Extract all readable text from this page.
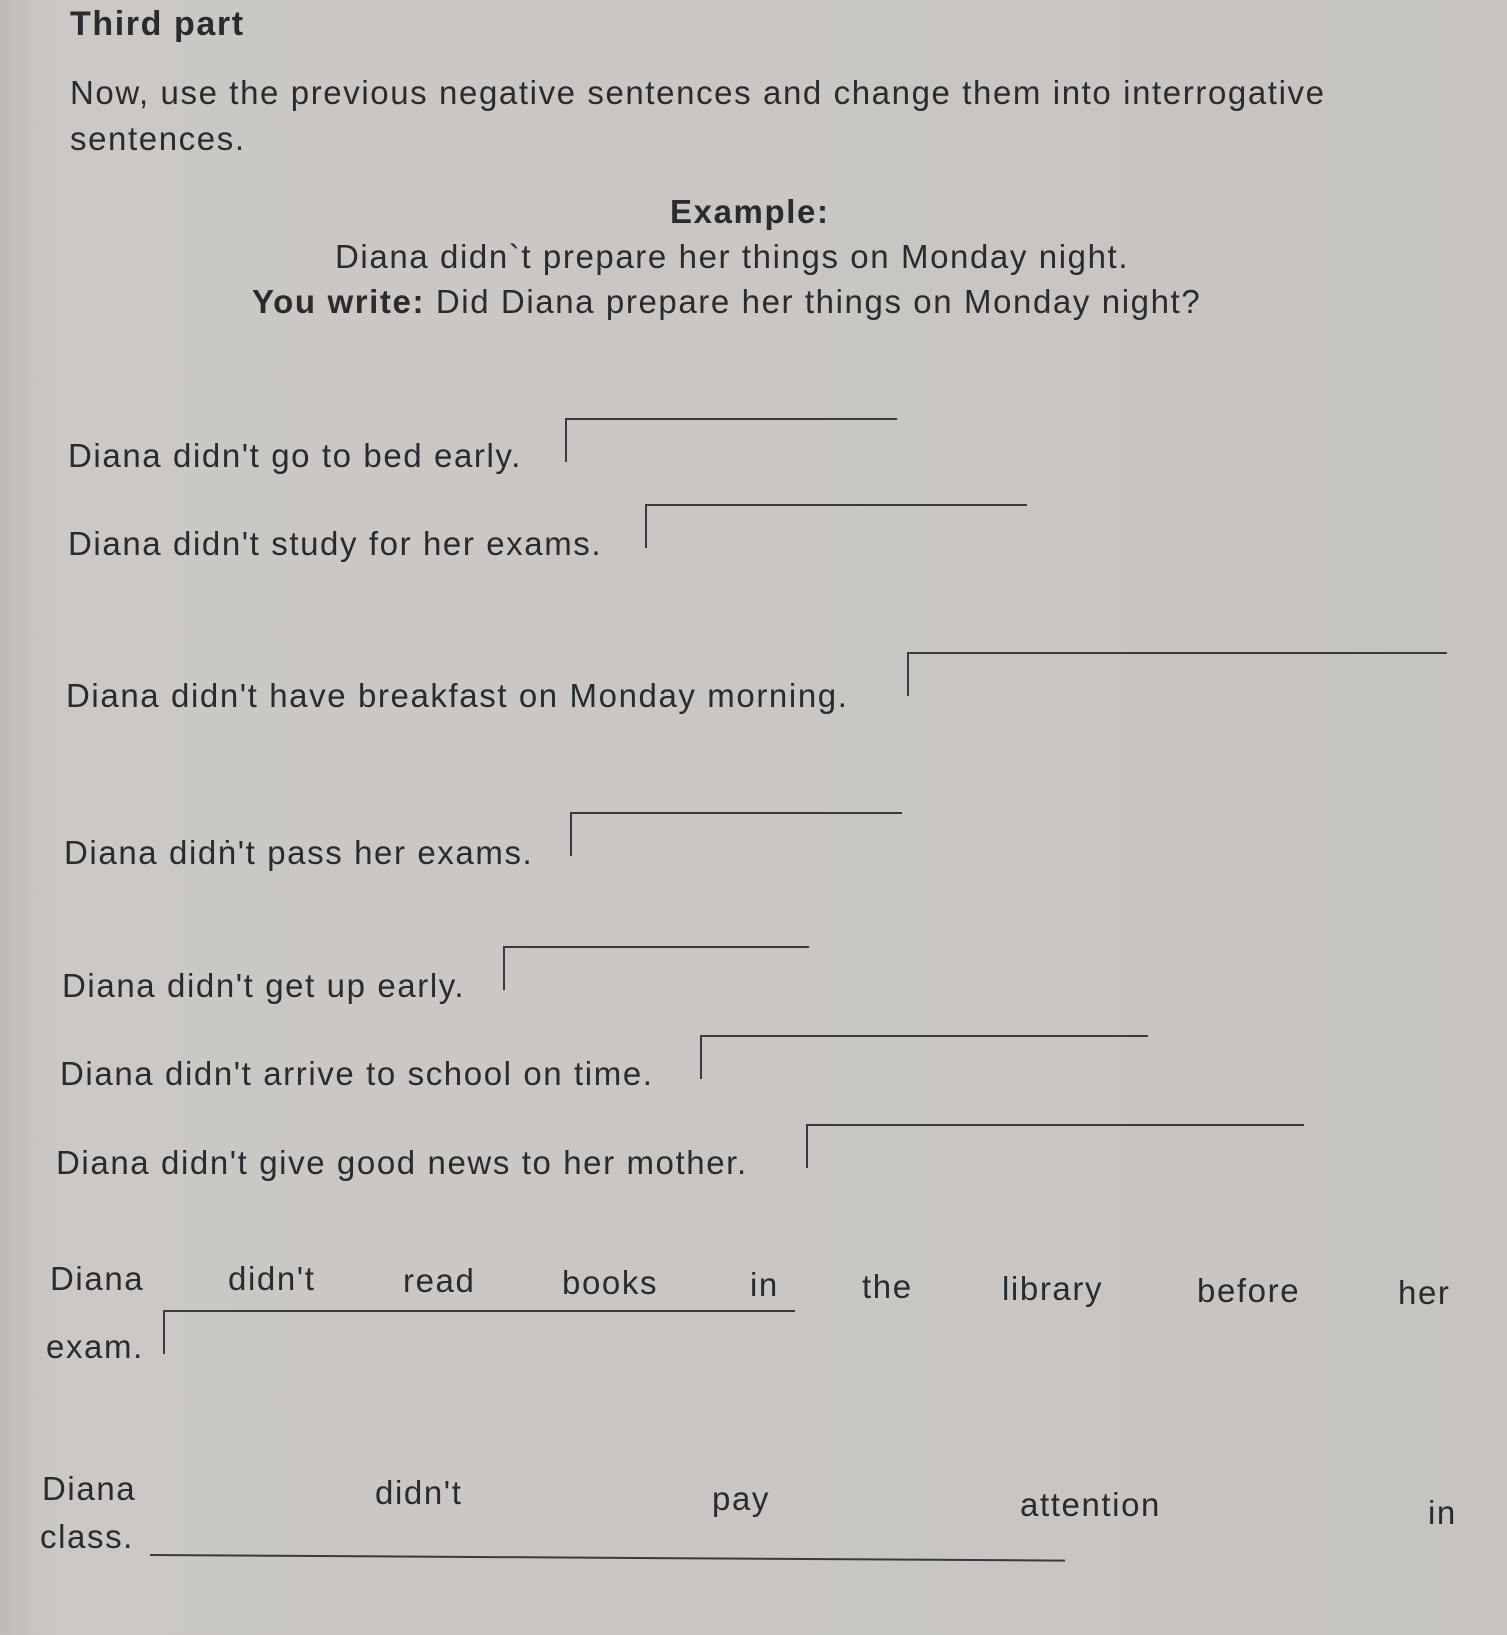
Third part
Now, use the previous negative sentences and change them into interrogative
sentences.
Example:
Diana didn`t prepare her things on Monday night.
You write: Did Diana prepare her things on Monday night?
Diana didn't go to bed early.
Diana didn't study for her exams.
Diana didn't have breakfast on Monday morning.
Diana didṅ't pass her exams.
Diana didn't get up early.
Diana didn't arrive to school on time.
Diana didn't give good news to her mother.
Diana	didn't	read	books	in	the	library	before	her
exam.
Diana	didn't	pay	attention	in
class.
